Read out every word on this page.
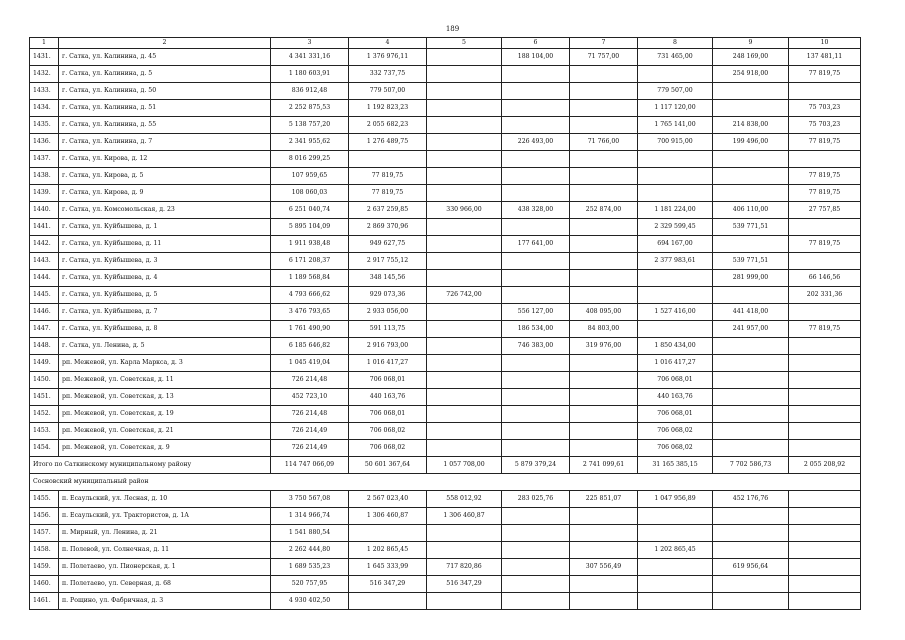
189
1	2	3	4	5	6	7	8	9	10
1431.	г. Сатка, ул. Калинина, д. 45	4 341 331,16	1 376 976,11		188 104,00	71 757,00	731 465,00	248 169,00	137 481,11
1432.	г. Сатка, ул. Калинина, д. 5	1 180 603,91	332 737,75					254 918,00	77 819,75
1433.	г. Сатка, ул. Калинина, д. 50	836 912,48	779 507,00				779 507,00		
1434.	г. Сатка, ул. Калинина, д. 51	2 252 875,53	1 192 823,23				1 117 120,00		75 703,23
1435.	г. Сатка, ул. Калинина, д. 55	5 138 757,20	2 055 682,23				1 765 141,00	214 838,00	75 703,23
1436.	г. Сатка, ул. Калинина, д. 7	2 341 955,62	1 276 489,75		226 493,00	71 766,00	700 915,00	199 496,00	77 819,75
1437.	г. Сатка, ул. Кирова, д. 12	8 016 299,25							
1438.	г. Сатка, ул. Кирова, д. 5	107 959,65	77 819,75						77 819,75
1439.	г. Сатка, ул. Кирова, д. 9	108 060,03	77 819,75						77 819,75
1440.	г. Сатка, ул. Комсомольская, д. 23	6 251 040,74	2 637 259,85	330 966,00	438 328,00	252 874,00	1 181 224,00	406 110,00	27 757,85
1441.	г. Сатка, ул. Куйбышева, д. 1	5 895 104,09	2 869 370,96				2 329 599,45	539 771,51	
1442.	г. Сатка, ул. Куйбышева, д. 11	1 911 938,48	949 627,75		177 641,00		694 167,00		77 819,75
1443.	г. Сатка, ул. Куйбышева, д. 3	6 171 208,37	2 917 755,12				2 377 983,61	539 771,51	
1444.	г. Сатка, ул. Куйбышева, д. 4	1 189 568,84	348 145,56					281 999,00	66 146,56
1445.	г. Сатка, ул. Куйбышева, д. 5	4 793 666,62	929 073,36	726 742,00					202 331,36
1446.	г. Сатка, ул. Куйбышева, д. 7	3 476 793,65	2 933 056,00		556 127,00	408 095,00	1 527 416,00	441 418,00	
1447.	г. Сатка, ул. Куйбышева, д. 8	1 761 490,90	591 113,75		186 534,00	84 803,00		241 957,00	77 819,75
1448.	г. Сатка, ул. Ленина, д. 5	6 185 646,82	2 916 793,00		746 383,00	319 976,00	1 850 434,00		
1449.	рп. Межевой, ул. Карла Маркса, д. 3	1 045 419,04	1 016 417,27				1 016 417,27		
1450.	рп. Межевой, ул. Советская, д. 11	726 214,48	706 068,01				706 068,01		
1451.	рп. Межевой, ул. Советская, д. 13	452 723,10	440 163,76				440 163,76		
1452.	рп. Межевой, ул. Советская, д. 19	726 214,48	706 068,01				706 068,01		
1453.	рп. Межевой, ул. Советская, д. 21	726 214,49	706 068,02				706 068,02		
1454.	рп. Межевой, ул. Советская, д. 9	726 214,49	706 068,02				706 068,02		
Итого по Саткинскому муниципальному району		114 747 066,09	50 601 367,64	1 057 708,00	5 879 379,24	2 741 099,61	31 165 385,15	7 702 586,73	2 055 208,92
Сосновский муниципальный район									
1455.	п. Есаульский, ул. Лесная, д. 10	3 750 567,08	2 567 023,40	558 012,92	283 025,76	225 851,07	1 047 956,89	452 176,76	
1456.	п. Есаульский, ул. Трактористов, д. 1А	1 314 966,74	1 306 460,87	1 306 460,87					
1457.	п. Мирный, ул. Ленина, д. 21	1 541 880,54							
1458.	п. Полевой, ул. Солнечная, д. 11	2 262 444,80	1 202 865,45				1 202 865,45		
1459.	п. Полетаево, ул. Пионерская, д. 1	1 689 535,23	1 645 333,99	717 820,86		307 556,49		619 956,64	
1460.	п. Полетаево, ул. Северная, д. 68	520 757,95	516 347,29	516 347,29					
1461.	п. Рощино, ул. Фабричная, д. 3	4 930 402,50							
